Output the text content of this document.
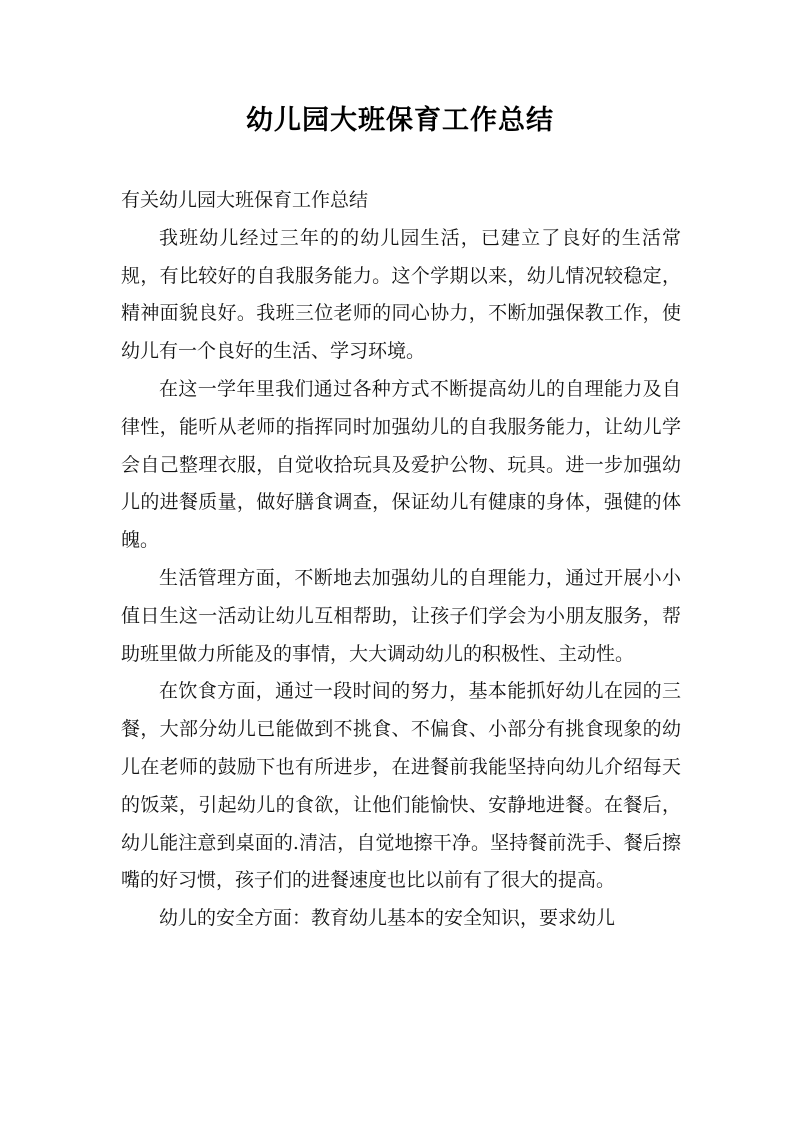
幼儿园大班保育工作总结

有关幼儿园大班保育工作总结

我班幼儿经过三年的的幼儿园生活，已建立了良好的生活常规，有比较好的自我服务能力。这个学期以来，幼儿情况较稳定，精神面貌良好。我班三位老师的同心协力，不断加强保教工作，使幼儿有一个良好的生活、学习环境。

在这一学年里我们通过各种方式不断提高幼儿的自理能力及自律性，能听从老师的指挥同时加强幼儿的自我服务能力，让幼儿学会自己整理衣服，自觉收拾玩具及爱护公物、玩具。进一步加强幼儿的进餐质量，做好膳食调查，保证幼儿有健康的身体，强健的体魄。

生活管理方面，不断地去加强幼儿的自理能力，通过开展小小值日生这一活动让幼儿互相帮助，让孩子们学会为小朋友服务，帮助班里做力所能及的事情，大大调动幼儿的积极性、主动性。

在饮食方面，通过一段时间的努力，基本能抓好幼儿在园的三餐，大部分幼儿已能做到不挑食、不偏食、小部分有挑食现象的幼儿在老师的鼓励下也有所进步，在进餐前我能坚持向幼儿介绍每天的饭菜，引起幼儿的食欲，让他们能愉快、安静地进餐。在餐后，幼儿能注意到桌面的.清洁，自觉地擦干净。坚持餐前洗手、餐后擦嘴的好习惯，孩子们的进餐速度也比以前有了很大的提高。

幼儿的安全方面：教育幼儿基本的安全知识，要求幼儿
